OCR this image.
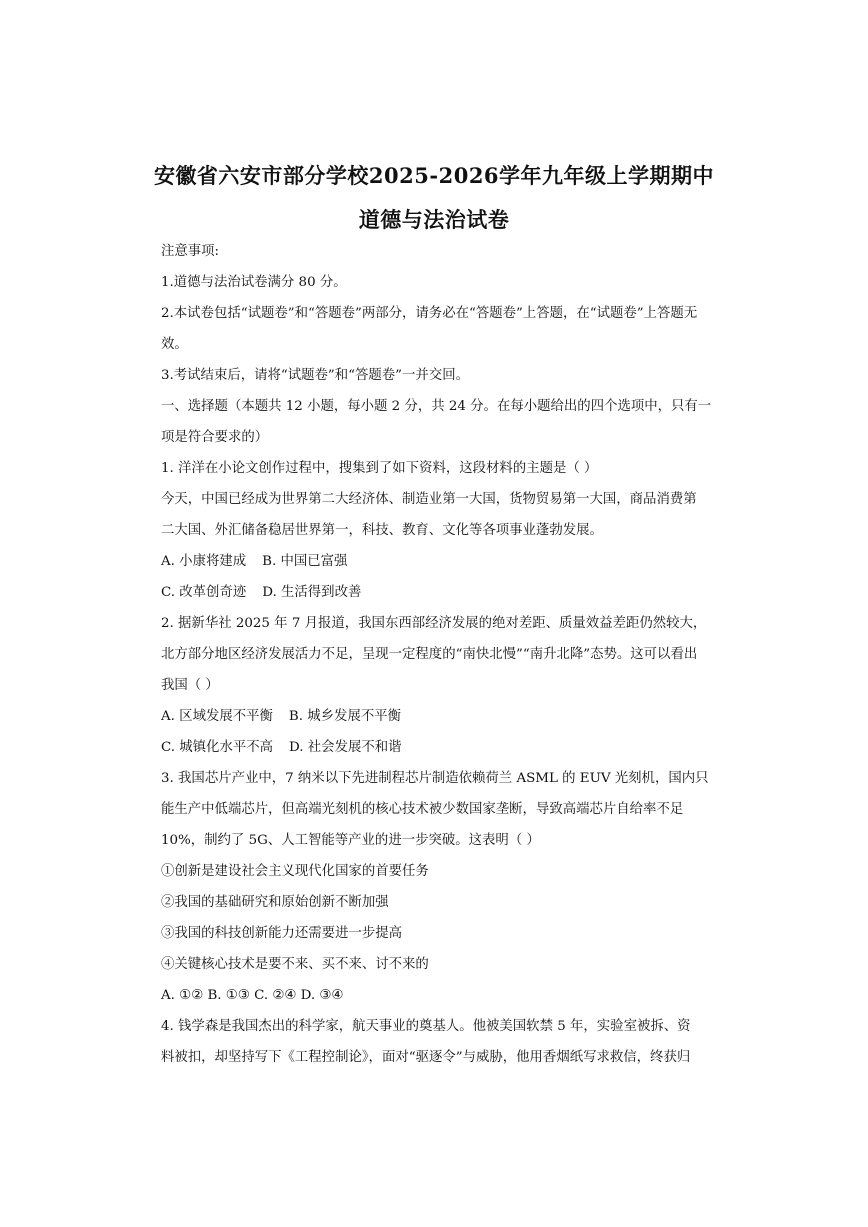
安徽省六安市部分学校2025-2026学年九年级上学期期中
道德与法治试卷
注意事项:
1.道德与法治试卷满分 80 分。
2.本试卷包括“试题卷”和“答题卷”两部分，请务必在“答题卷”上答题，在“试题卷”上答题无
效。
3.考试结束后，请将“试题卷”和“答题卷”一并交回。
一、选择题（本题共 12 小题，每小题 2 分，共 24 分。在每小题给出的四个选项中，只有一
项是符合要求的）
1. 洋洋在小论文创作过程中，搜集到了如下资料，这段材料的主题是（ ）
今天，中国已经成为世界第二大经济体、制造业第一大国，货物贸易第一大国，商品消费第
二大国、外汇储备稳居世界第一，科技、教育、文化等各项事业蓬勃发展。
A. 小康将建成 B. 中国已富强
C. 改革创奇迹 D. 生活得到改善
2. 据新华社 2025 年 7 月报道，我国东西部经济发展的绝对差距、质量效益差距仍然较大，
北方部分地区经济发展活力不足，呈现一定程度的“南快北慢”“南升北降”态势。这可以看出
我国（ ）
A. 区域发展不平衡 B. 城乡发展不平衡
C. 城镇化水平不高 D. 社会发展不和谐
3. 我国芯片产业中，7 纳米以下先进制程芯片制造依赖荷兰 ASML 的 EUV 光刻机，国内只
能生产中低端芯片，但高端光刻机的核心技术被少数国家垄断，导致高端芯片自给率不足
10%，制约了 5G、人工智能等产业的进一步突破。这表明（ ）
①创新是建设社会主义现代化国家的首要任务
②我国的基础研究和原始创新不断加强
③我国的科技创新能力还需要进一步提高
④关键核心技术是要不来、买不来、讨不来的
A. ①② B. ①③ C. ②④ D. ③④
4. 钱学森是我国杰出的科学家，航天事业的奠基人。他被美国软禁 5 年，实验室被拆、资
料被扣，却坚持写下《工程控制论》，面对“驱逐令”与威胁，他用香烟纸写求救信，终获归
